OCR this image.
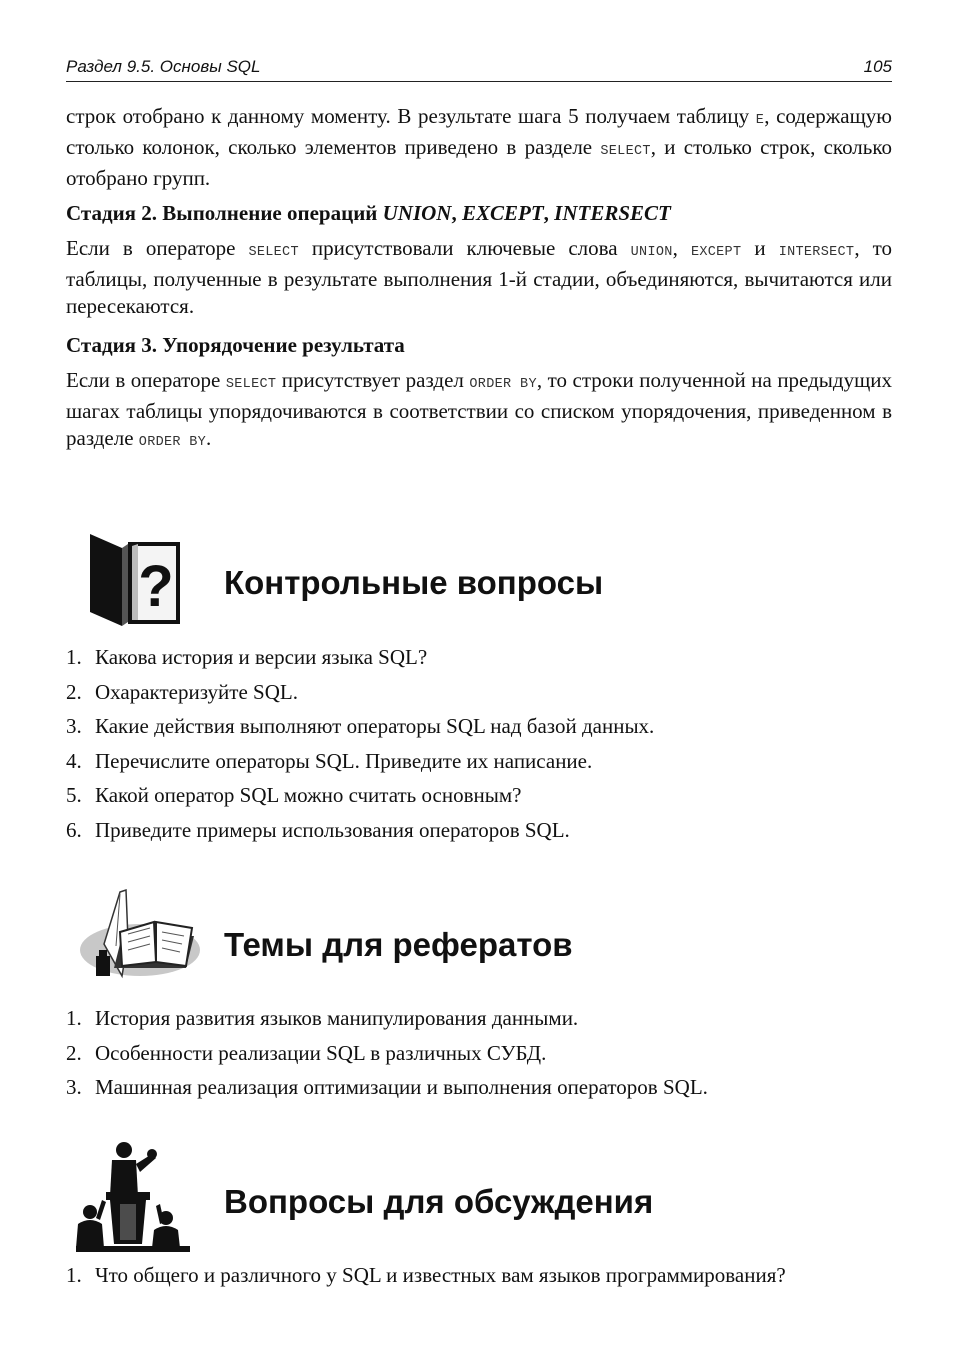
Раздел 9.5. Основы SQL	105

строк отобрано к данному моменту. В результате шага 5 получаем таблицу E, содержащую столько колонок, сколько элементов приведено в разделе SELECT, и столько строк, сколько отобрано групп.

Стадия 2. Выполнение операций UNION, EXCEPT, INTERSECT

Если в операторе SELECT присутствовали ключевые слова UNION, EXCEPT и INTERSECT, то таблицы, полученные в результате выполнения 1-й стадии, объединяются, вычитаются или пересекаются.

Стадия 3. Упорядочение результата

Если в операторе SELECT присутствует раздел ORDER BY, то строки полученной на предыдущих шагах таблицы упорядочиваются в соответствии со списком упорядочения, приведенном в разделе ORDER BY.

? Контрольные вопросы
1. Какова история и версии языка SQL?
2. Охарактеризуйте SQL.
3. Какие действия выполняют операторы SQL над базой данных.
4. Перечислите операторы SQL. Приведите их написание.
5. Какой оператор SQL можно считать основным?
6. Приведите примеры использования операторов SQL.
Темы для рефератов
1. История развития языков манипулирования данными.
2. Особенности реализации SQL в различных СУБД.
3. Машинная реализация оптимизации и выполнения операторов SQL.
Вопросы для обсуждения
1. Что общего и различного у SQL и известных вам языков программирования?
